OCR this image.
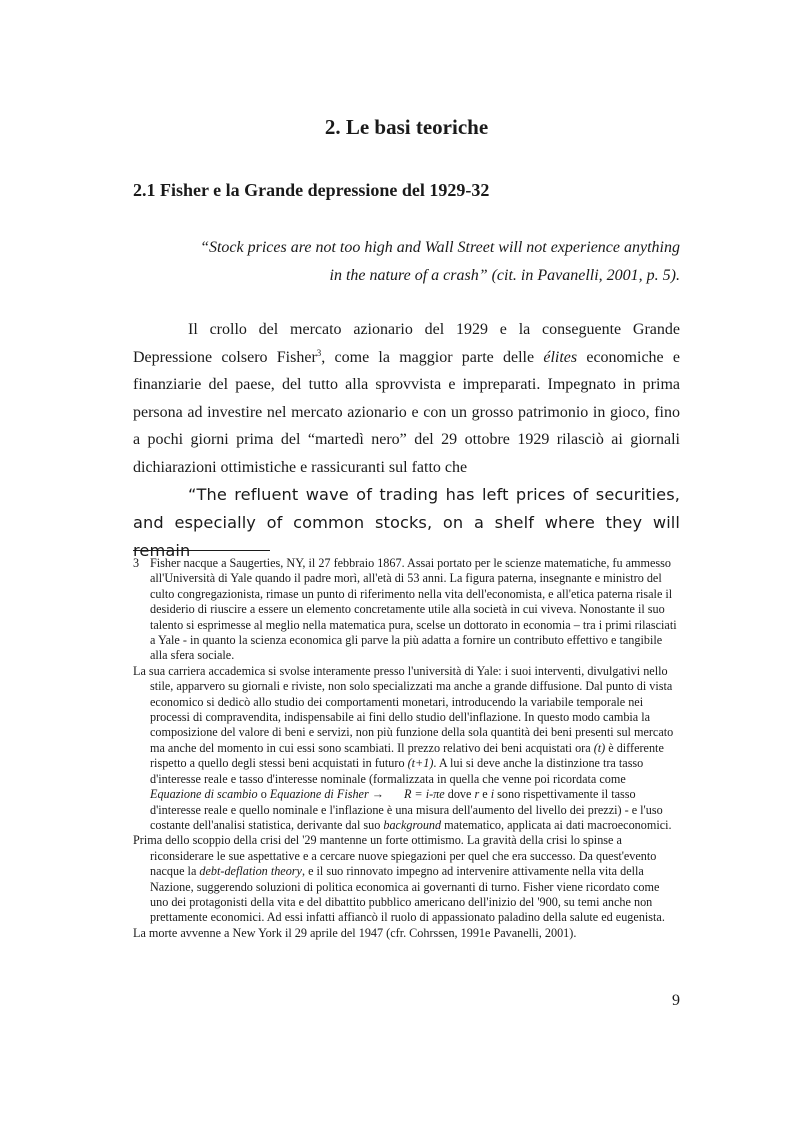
2. Le basi teoriche
2.1 Fisher e la Grande depressione del 1929-32

“Stock prices are not too high and Wall Street will not experience anything
in the nature of a crash” (cit. in Pavanelli, 2001, p. 5).

Il crollo del mercato azionario del 1929 e la conseguente Grande Depressione colsero Fisher$^3$, come la maggior parte delle élites economiche e finanziarie del paese, del tutto alla sprovvista e impreparati. Impegnato in prima persona ad investire nel mercato azionario e con un grosso patrimonio in gioco, fino a pochi giorni prima del “martedì nero” del 29 ottobre 1929 rilasciò ai giornali dichiarazioni ottimistiche e rassicuranti sul fatto che

“The refluent wave of trading has left prices of securities, and especially of common stocks, on a shelf where they will remain

3 Fisher nacque a Saugerties, NY, il 27 febbraio 1867. Assai portato per le scienze matematiche, fu ammesso all'Università di Yale quando il padre morì, all'età di 53 anni. La figura paterna, insegnante e ministro del culto congregazionista, rimase un punto di riferimento nella vita dell'economista, e all'etica paterna risale il desiderio di riuscire a essere un elemento concretamente utile alla società in cui viveva. Nonostante il suo talento si esprimesse al meglio nella matematica pura, scelse un dottorato in economia – tra i primi rilasciati a Yale - in quanto la scienza economica gli parve la più adatta a fornire un contributo effettivo e tangibile alla sfera sociale.

La sua carriera accademica si svolse interamente presso l'università di Yale: i suoi interventi, divulgativi nello stile, apparvero su giornali e riviste, non solo specializzati ma anche a grande diffusione. Dal punto di vista economico si dedicò allo studio dei comportamenti monetari, introducendo la variabile temporale nei processi di compravendita, indispensabile ai fini dello studio dell'inflazione. In questo modo cambia la composizione del valore di beni e servizi, non più funzione della sola quantità dei beni presenti sul mercato ma anche del momento in cui essi sono scambiati. Il prezzo relativo dei beni acquistati ora (t) è differente rispetto a quello degli stessi beni acquistati in futuro (t+1). A lui si deve anche la distinzione tra tasso d'interesse reale e tasso d'interesse nominale (formalizzata in quella che venne poi ricordata come Equazione di scambio o Equazione di Fisher → R = i-πe dove r e i sono rispettivamente il tasso d'interesse reale e quello nominale e l'inflazione è una misura dell'aumento del livello dei prezzi) - e l'uso costante dell'analisi statistica, derivante dal suo background matematico, applicata ai dati macroeconomici.

Prima dello scoppio della crisi del '29 mantenne un forte ottimismo. La gravità della crisi lo spinse a riconsiderare le sue aspettative e a cercare nuove spiegazioni per quel che era successo. Da quest'evento nacque la debt-deflation theory, e il suo rinnovato impegno ad intervenire attivamente nella vita della Nazione, suggerendo soluzioni di politica economica ai governanti di turno. Fisher viene ricordato come uno dei protagonisti della vita e del dibattito pubblico americano dell'inizio del '900, su temi anche non prettamente economici. Ad essi infatti affiancò il ruolo di appassionato paladino della salute ed eugenista.

La morte avvenne a New York il 29 aprile del 1947 (cfr. Cohrssen, 1991e Pavanelli, 2001).

9
